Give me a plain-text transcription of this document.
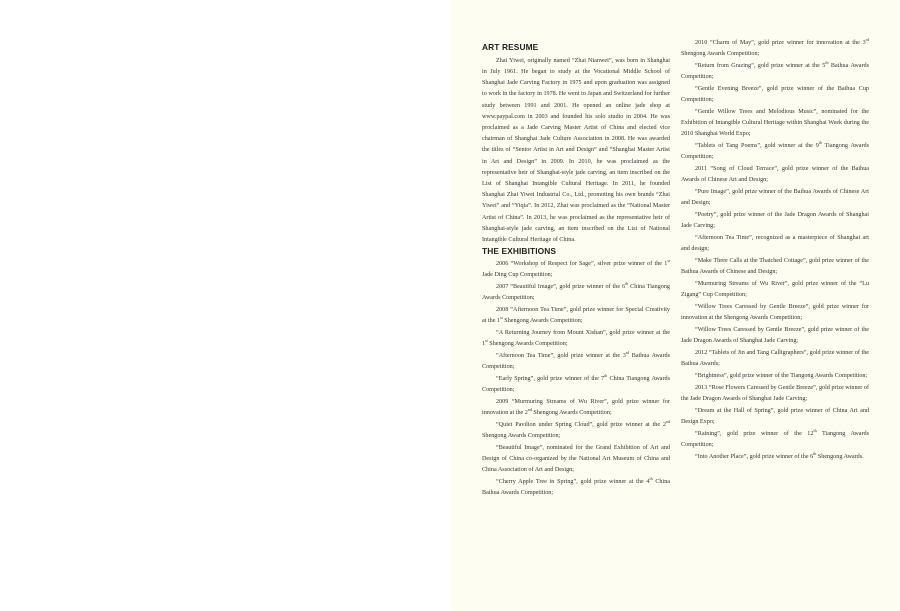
ART RESUME

Zhai Yiwei, originally named “Zhai Nianwei”, was born in Shanghai in July 1961. He began to study at the Vocational Middle School of Shanghai Jade Carving Factory in 1975 and upon graduation was assigned to work in the factory in 1978. He went to Japan and Switzerland for further study between 1991 and 2001. He opened an online jade shop at www.paypal.com in 2003 and founded his solo studio in 2004. He was proclaimed as a Jade Carving Master Artist of China and elected vice chairman of Shanghai Jade Culture Association in 2008. He was awarded the titles of “Senior Artist in Art and Design” and “Shanghai Master Artist in Art and Design” in 2009. In 2010, he was proclaimed as the representative heir of Shanghai-style jade carving, an item inscribed on the List of Shanghai Intangible Cultural Heritage. In 2011, he founded Shanghai Zhai Yiwei Industrial Co., Ltd., promoting his own brands “Zhai Yiwei” and “Yiqia”. In 2012, Zhai was proclaimed as the “National Master Artist of China”. In 2013, he was proclaimed as the representative heir of Shanghai-style jade carving, an item inscribed on the List of National Intangible Cultural Heritage of China.

THE EXHIBITIONS

2006 “Workshop of Respect for Sage”, silver prize winner of the 1st Jade Ding Cup Competition;

2007 “Beautiful Image”, gold prize winner of the 6th China Tiangong Awards Competition;

2008 “Afternoon Tea Time”, gold prize winner for Special Creativity at the 1st Shengong Awards Competition;

“A Returning Journey from Mount Xishan”, gold prize winner at the 1st Shengong Awards Competition;

“Afternoon Tea Time”, gold prize winner at the 3rd Baihua Awards Competition;

“Early Spring”, gold prize winner of the 7th China Tiangong Awards Competition;

2009 “Murmuring Streams of Wu River”, gold prize winner for innovation at the 2nd Shengong Awards Competition;

“Quiet Pavilion under Spring Cloud”, gold prize winner at the 2nd Shengong Awards Competition;

“Beautiful Image”, nominated for the Grand Exhibition of Art and Design of China co-organized by the National Art Museum of China and China Association of Art and Design;

“Cherry Apple Tree in Spring”, gold prize winner at the 4th China Baihua Awards Competition;

2010 “Charm of May”, gold prize winner for innovation at the 3rd Shengong Awards Competition;

“Return from Grazing”, gold prize winner at the 5th Baihua Awards Competition;

“Gentle Evening Breeze”, gold prize winner of the Baihua Cup Competition;

“Gentle Willow Trees and Melodious Music”, nominated for the Exhibition of Intangible Cultural Heritage within Shanghai Week during the 2010 Shanghai World Expo;

“Tablets of Tang Poems”, gold winner at the 9th Tiangong Awards Competition;

2011 “Song of Cloud Terrace”, gold prize winner of the Baihua Awards of Chinese Art and Design;

“Pure Image”, gold prize winner of the Baihua Awards of Chinese Art and Design;

“Poetry”, gold prize winner of the Jade Dragon Awards of Shanghai Jade Carving;

“Afternoon Tea Time”, recognized as a masterpiece of Shanghai art and design;

“Make Three Calls at the Thatched Cottage”, gold prize winner of the Baihua Awards of Chinese and Design;

“Murmuring Streams of Wu River”, gold prize winner of the “Lu Zigang” Cup Competition;

“Willow Trees Caressed by Gentle Breeze”, gold prize winner for innovation at the Shengong Awards Competition;

“Willow Trees Caressed by Gentle Breeze”, gold prize winner of the Jade Dragon Awards of Shanghai Jade Carving;

2012 “Tablets of Jin and Tang Calligraphers”, gold prize winner of the Baihua Awards;

“Brightness”, gold prize winner of the Tiangong Awards Competition;

2013 “Rose Flowers Caressed by Gentle Breeze”, gold prize winner of the Jade Dragon Awards of Shanghai Jade Carving;

“Dream at the Hall of Spring”, gold prize winner of China Art and Design Expo;

“Raining”, gold prize winner of the 12th Tiangong Awards Competition;

“Into Another Place”, gold prize winner of the 6th Shengong Awards.
